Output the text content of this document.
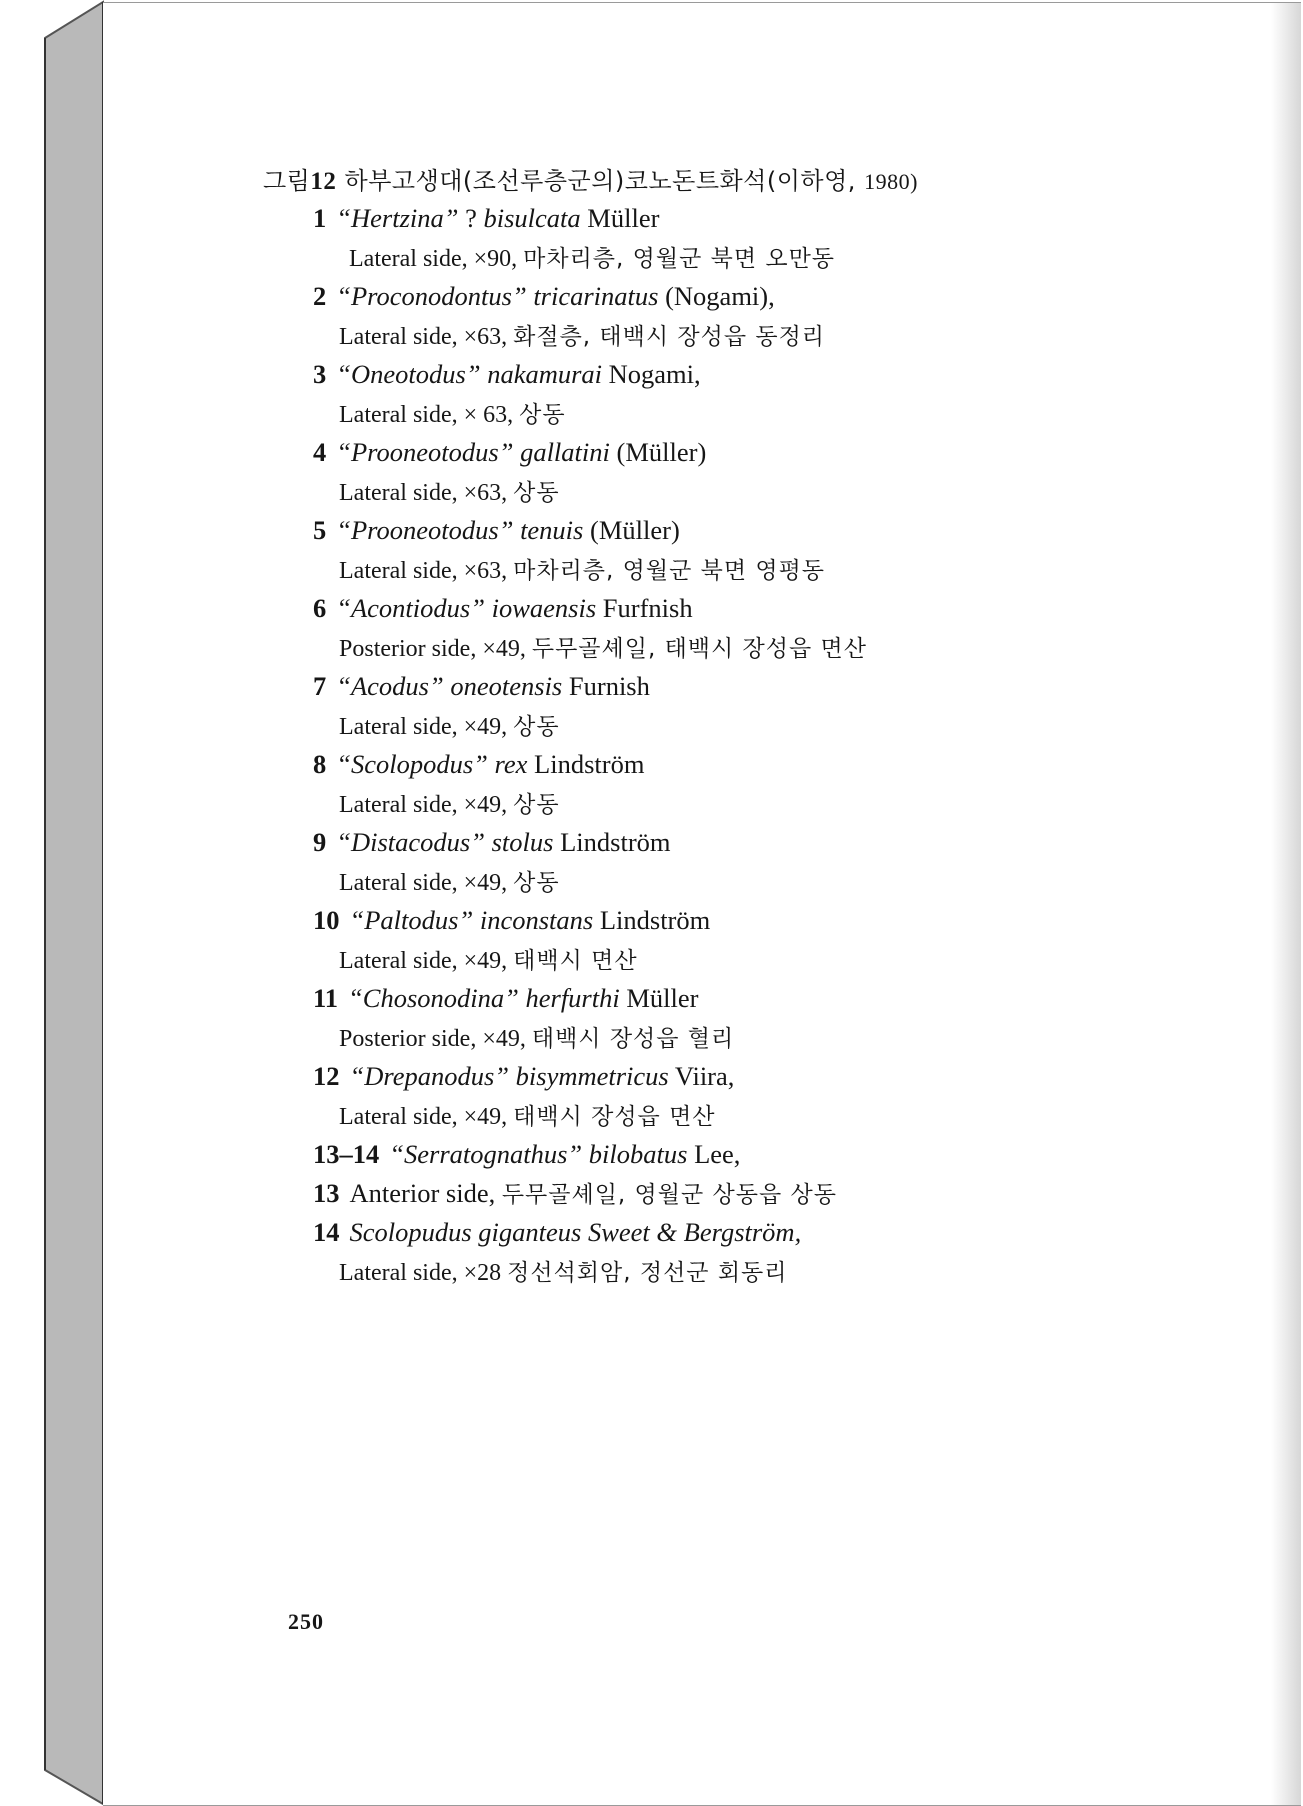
그림12 하부고생대(조선루층군의)코노돈트화석(이하영, 1980)
1 “Hertzina” ? bisulcata Müller
Lateral side, ×90, 마차리층, 영월군 북면 오만동
2 “Proconodontus” tricarinatus (Nogami),
Lateral side, ×63, 화절층, 태백시 장성읍 동정리
3 “Oneotodus” nakamurai Nogami,
Lateral side, × 63, 상동
4 “Prooneotodus” gallatini (Müller)
Lateral side, ×63, 상동
5 “Prooneotodus” tenuis (Müller)
Lateral side, ×63, 마차리층, 영월군 북면 영평동
6 “Acontiodus” iowaensis Furfnish
Posterior side, ×49, 두무골셰일, 태백시 장성읍 면산
7 “Acodus” oneotensis Furnish
Lateral side, ×49, 상동
8 “Scolopodus” rex Lindström
Lateral side, ×49, 상동
9 “Distacodus” stolus Lindström
Lateral side, ×49, 상동
10 “Paltodus” inconstans Lindström
Lateral side, ×49, 태백시 면산
11 “Chosonodina” herfurthi Müller
Posterior side, ×49, 태백시 장성읍 혈리
12 “Drepanodus” bisymmetricus Viira,
Lateral side, ×49, 태백시 장성읍 면산
13–14 “Serratognathus” bilobatus Lee,
13 Anterior side, 두무골셰일, 영월군 상동읍 상동
14 Scolopudus giganteus Sweet & Bergström,
Lateral side, ×28 정선석회암, 정선군 회동리
250
